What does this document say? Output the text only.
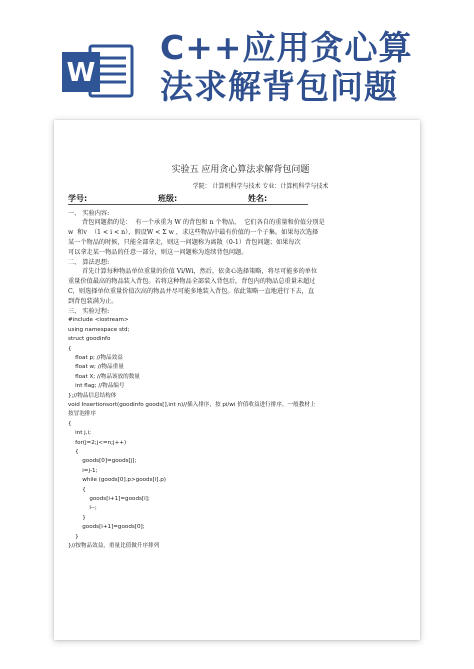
W
C++应用贪心算
法求解背包问题
实验五 应用贪心算法求解背包问题
学院： 计算机科学与技术 专业：计算机科学与技术
学号:	班级:	姓名:

一、 实验内容:

背包问题指的是：  有一个承重为 W 的背包和 n 个物品，  它们各自的重量和价值分别是

w  和v  （1 < i < n），假设W < Σ w ，求这些物品中最有价值的一个子集。如果每次选择

某一个物品的时候，只能全部拿走，则这一问题称为离散（0-1）背包问题；如果每次

可以拿走某一物品的任意一部分，则这一问题称为连续背包问题。

二、 算法思想:

首先计算每种物品单位重量的价值 Vi/Wi，然后，依贪心选择策略，将尽可能多的单位

重量价值最高的物品装入背包。若将这种物品全部装入背包后，背包内的物品总重量未超过

C，则选择单位重量价值次高的物品并尽可能多地装入背包。依此策略一直地进行下去，直

到背包装满为止。

三、 实验过程:

#include <iostream>
using namespace std;
struct goodinfo
{
float p; //物品效益
float w; //物品重量
float X; //物品该放的数量
int flag; //物品编号
};//物品信息结构体
void Insertionsort(goodinfo goods[],int n)//插入排序，按 pi/wi 价值收益进行排序，一般教材上
按冒泡排序
{
int j,i;
for(j=2;j<=n;j++)
{
goods[0]=goods[j];
i=j-1;
while (goods[0].p>goods[i].p)
{
goods[i+1]=goods[i];
i--;
}
goods[i+1]=goods[0];
}
}//按物品效益，重量比值做升序排列
